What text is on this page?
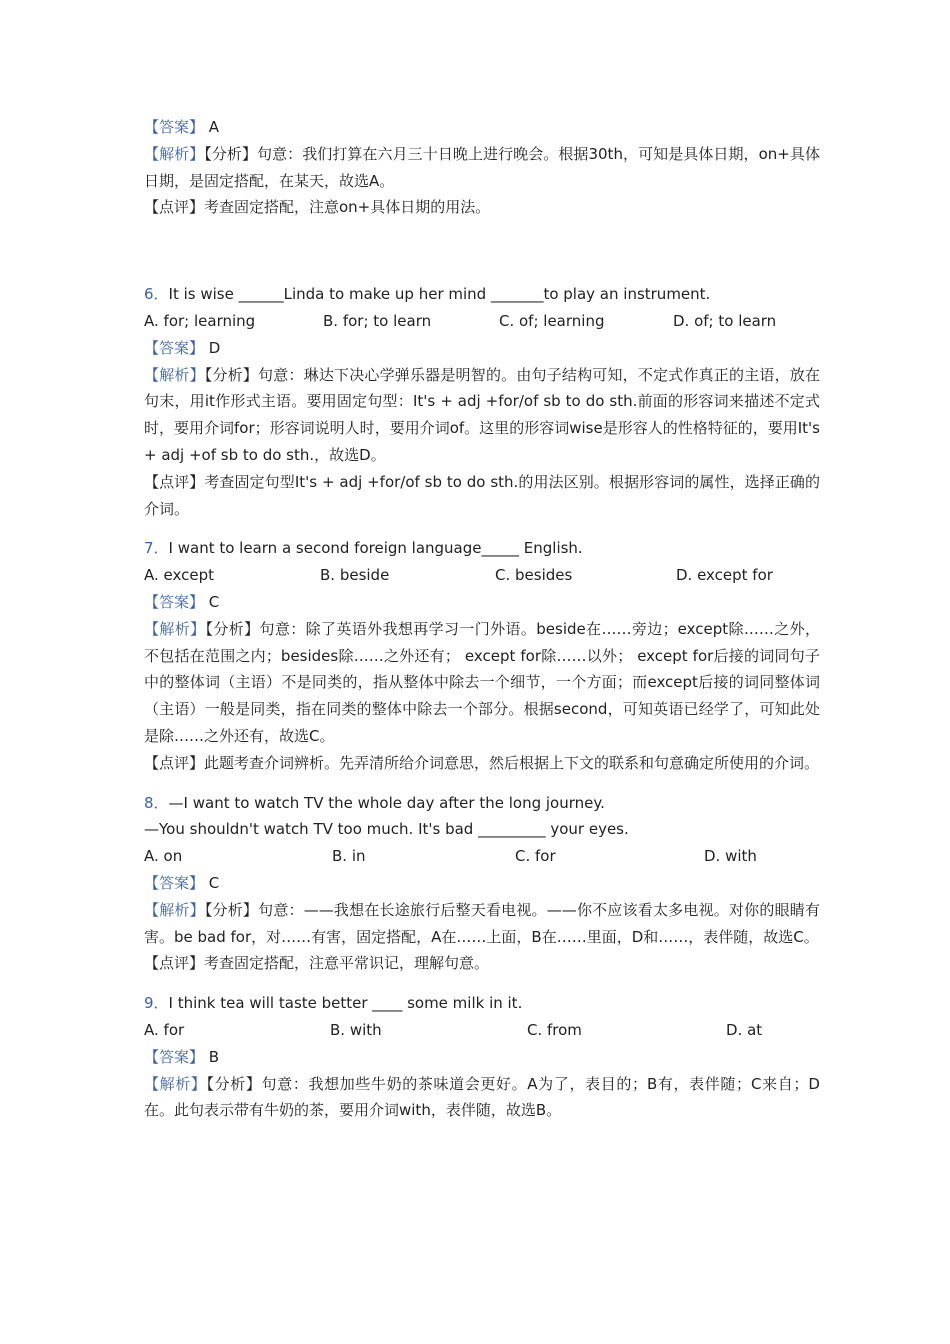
【答案】 A
【解析】【分析】句意：我们打算在六月三十日晚上进行晚会。根据30th，可知是具体日期，on+具体日期，是固定搭配，在某天，故选A。
【点评】考查固定搭配，注意on+具体日期的用法。
6．It is wise ______Linda to make up her mind _______to play an instrument.
A. for; learning	B. for; to learn	C. of; learning	D. of; to learn
【答案】 D
【解析】【分析】句意：琳达下决心学弹乐器是明智的。由句子结构可知，不定式作真正的主语，放在句末，用it作形式主语。要用固定句型：It's + adj +for/of sb to do sth.前面的形容词来描述不定式时，要用介词for；形容词说明人时，要用介词of。这里的形容词wise是形容人的性格特征的，要用It's + adj +of sb to do sth.，故选D。
【点评】考查固定句型It's + adj +for/of sb to do sth.的用法区别。根据形容词的属性，选择正确的介词。
7．I want to learn a second foreign language_____ English.
A. except	B. beside	C. besides	D. except for
【答案】 C
【解析】【分析】句意：除了英语外我想再学习一门外语。beside在……旁边；except除……之外，不包括在范围之内；besides除……之外还有； except for除……以外； except for后接的词同句子中的整体词（主语）不是同类的，指从整体中除去一个细节，一个方面；而except后接的词同整体词（主语）一般是同类，指在同类的整体中除去一个部分。根据second，可知英语已经学了，可知此处是除……之外还有，故选C。
【点评】此题考查介词辨析。先弄清所给介词意思，然后根据上下文的联系和句意确定所使用的介词。
8．—I want to watch TV the whole day after the long journey.
—You shouldn't watch TV too much. It's bad _________ your eyes.
A. on	B. in	C. for	D. with
【答案】 C
【解析】【分析】句意：——我想在长途旅行后整天看电视。——你不应该看太多电视。对你的眼睛有害。be bad for，对……有害，固定搭配，A在……上面，B在……里面，D和……，表伴随，故选C。
【点评】考查固定搭配，注意平常识记，理解句意。
9．I think tea will taste better ____ some milk in it.
A. for	B. with	C. from	D. at
【答案】 B
【解析】【分析】句意：我想加些牛奶的茶味道会更好。A为了，表目的；B有，表伴随；C来自；D在。此句表示带有牛奶的茶，要用介词with，表伴随，故选B。
